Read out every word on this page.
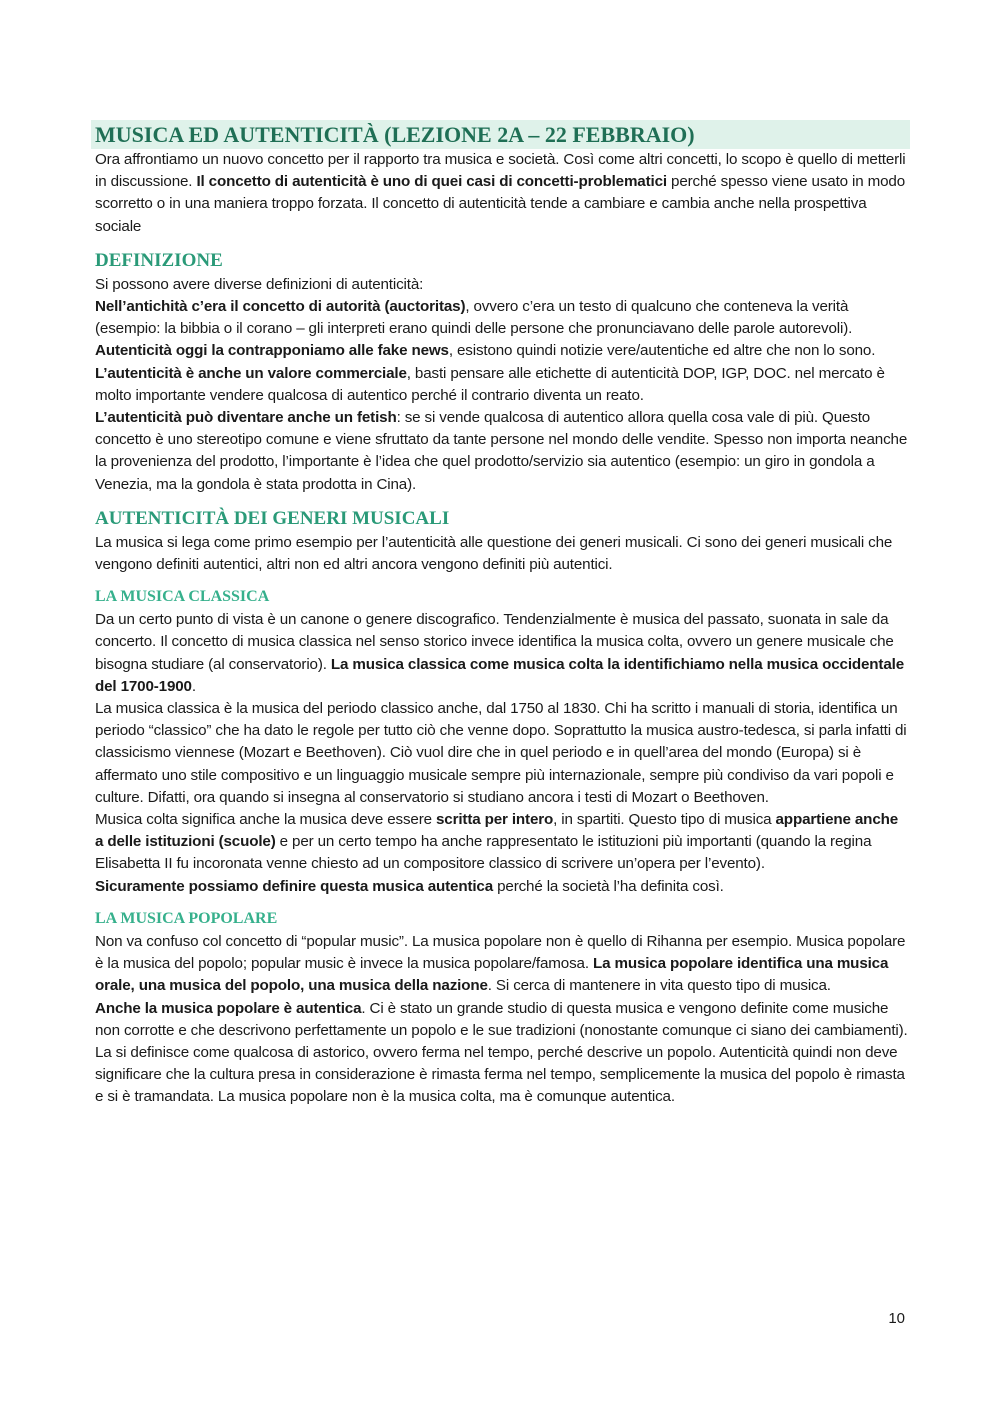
MUSICA ED AUTENTICITÀ (LEZIONE 2A – 22 FEBBRAIO)

Ora affrontiamo un nuovo concetto per il rapporto tra musica e società. Così come altri concetti, lo scopo è quello di metterli in discussione. Il concetto di autenticità è uno di quei casi di concetti-problematici perché spesso viene usato in modo scorretto o in una maniera troppo forzata. Il concetto di autenticità tende a cambiare e cambia anche nella prospettiva sociale

DEFINIZIONE

Si possono avere diverse definizioni di autenticità:

Nell’antichità c’era il concetto di autorità (auctoritas), ovvero c’era un testo di qualcuno che conteneva la verità (esempio: la bibbia o il corano – gli interpreti erano quindi delle persone che pronunciavano delle parole autorevoli).

Autenticità oggi la contrapponiamo alle fake news, esistono quindi notizie vere/autentiche ed altre che non lo sono.

L’autenticità è anche un valore commerciale, basti pensare alle etichette di autenticità DOP, IGP, DOC. nel mercato è molto importante vendere qualcosa di autentico perché il contrario diventa un reato.

L’autenticità può diventare anche un fetish: se si vende qualcosa di autentico allora quella cosa vale di più. Questo concetto è uno stereotipo comune e viene sfruttato da tante persone nel mondo delle vendite. Spesso non importa neanche la provenienza del prodotto, l’importante è l’idea che quel prodotto/servizio sia autentico (esempio: un giro in gondola a Venezia, ma la gondola è stata prodotta in Cina).

AUTENTICITÀ DEI GENERI MUSICALI

La musica si lega come primo esempio per l’autenticità alle questione dei generi musicali. Ci sono dei generi musicali che vengono definiti autentici, altri non ed altri ancora vengono definiti più autentici.

LA MUSICA CLASSICA

Da un certo punto di vista è un canone o genere discografico. Tendenzialmente è musica del passato, suonata in sale da concerto. Il concetto di musica classica nel senso storico invece identifica la musica colta, ovvero un genere musicale che bisogna studiare (al conservatorio). La musica classica come musica colta la identifichiamo nella musica occidentale del 1700-1900.

La musica classica è la musica del periodo classico anche, dal 1750 al 1830. Chi ha scritto i manuali di storia, identifica un periodo “classico” che ha dato le regole per tutto ciò che venne dopo. Soprattutto la musica austro-tedesca, si parla infatti di classicismo viennese (Mozart e Beethoven). Ciò vuol dire che in quel periodo e in quell’area del mondo (Europa) si è affermato uno stile compositivo e un linguaggio musicale sempre più internazionale, sempre più condiviso da vari popoli e culture. Difatti, ora quando si insegna al conservatorio si studiano ancora i testi di Mozart o Beethoven.

Musica colta significa anche la musica deve essere scritta per intero, in spartiti. Questo tipo di musica appartiene anche a delle istituzioni (scuole) e per un certo tempo ha anche rappresentato le istituzioni più importanti (quando la regina Elisabetta II fu incoronata venne chiesto ad un compositore classico di scrivere un’opera per l’evento).

Sicuramente possiamo definire questa musica autentica perché la società l’ha definita così.

LA MUSICA POPOLARE

Non va confuso col concetto di “popular music”. La musica popolare non è quello di Rihanna per esempio. Musica popolare è la musica del popolo; popular music è invece la musica popolare/famosa. La musica popolare identifica una musica orale, una musica del popolo, una musica della nazione. Si cerca di mantenere in vita questo tipo di musica.

Anche la musica popolare è autentica. Ci è stato un grande studio di questa musica e vengono definite come musiche non corrotte e che descrivono perfettamente un popolo e le sue tradizioni (nonostante comunque ci siano dei cambiamenti). La si definisce come qualcosa di astorico, ovvero ferma nel tempo, perché descrive un popolo. Autenticità quindi non deve significare che la cultura presa in considerazione è rimasta ferma nel tempo, semplicemente la musica del popolo è rimasta e si è tramandata. La musica popolare non è la musica colta, ma è comunque autentica.

10
